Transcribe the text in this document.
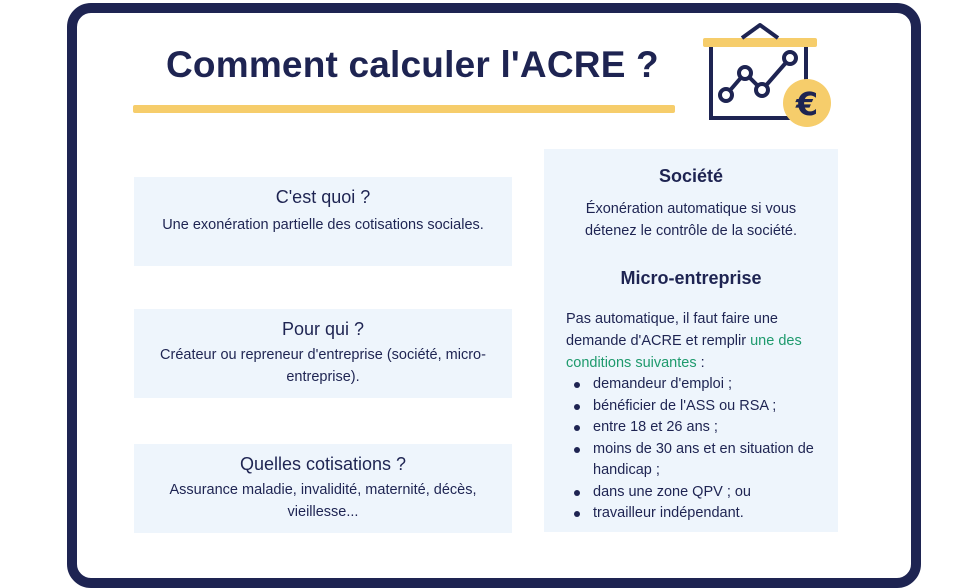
Comment calculer l'ACRE ?
€
C'est quoi ?
Une exonération partielle des cotisations sociales.
Pour qui ?
Créateur ou repreneur d'entreprise (société, micro-entreprise).
Quelles cotisations ?
Assurance maladie, invalidité, maternité, décès, vieillesse...
Société
Éxonération automatique si vous
détenez le contrôle de la société.
Micro-entreprise
Pas automatique, il faut faire une demande d'ACRE et remplir une des conditions suivantes :
demandeur d'emploi ;
bénéficier de l'ASS ou RSA ;
entre 18 et 26 ans ;
moins de 30 ans et en situation de handicap ;
dans une zone QPV ; ou
travailleur indépendant.
